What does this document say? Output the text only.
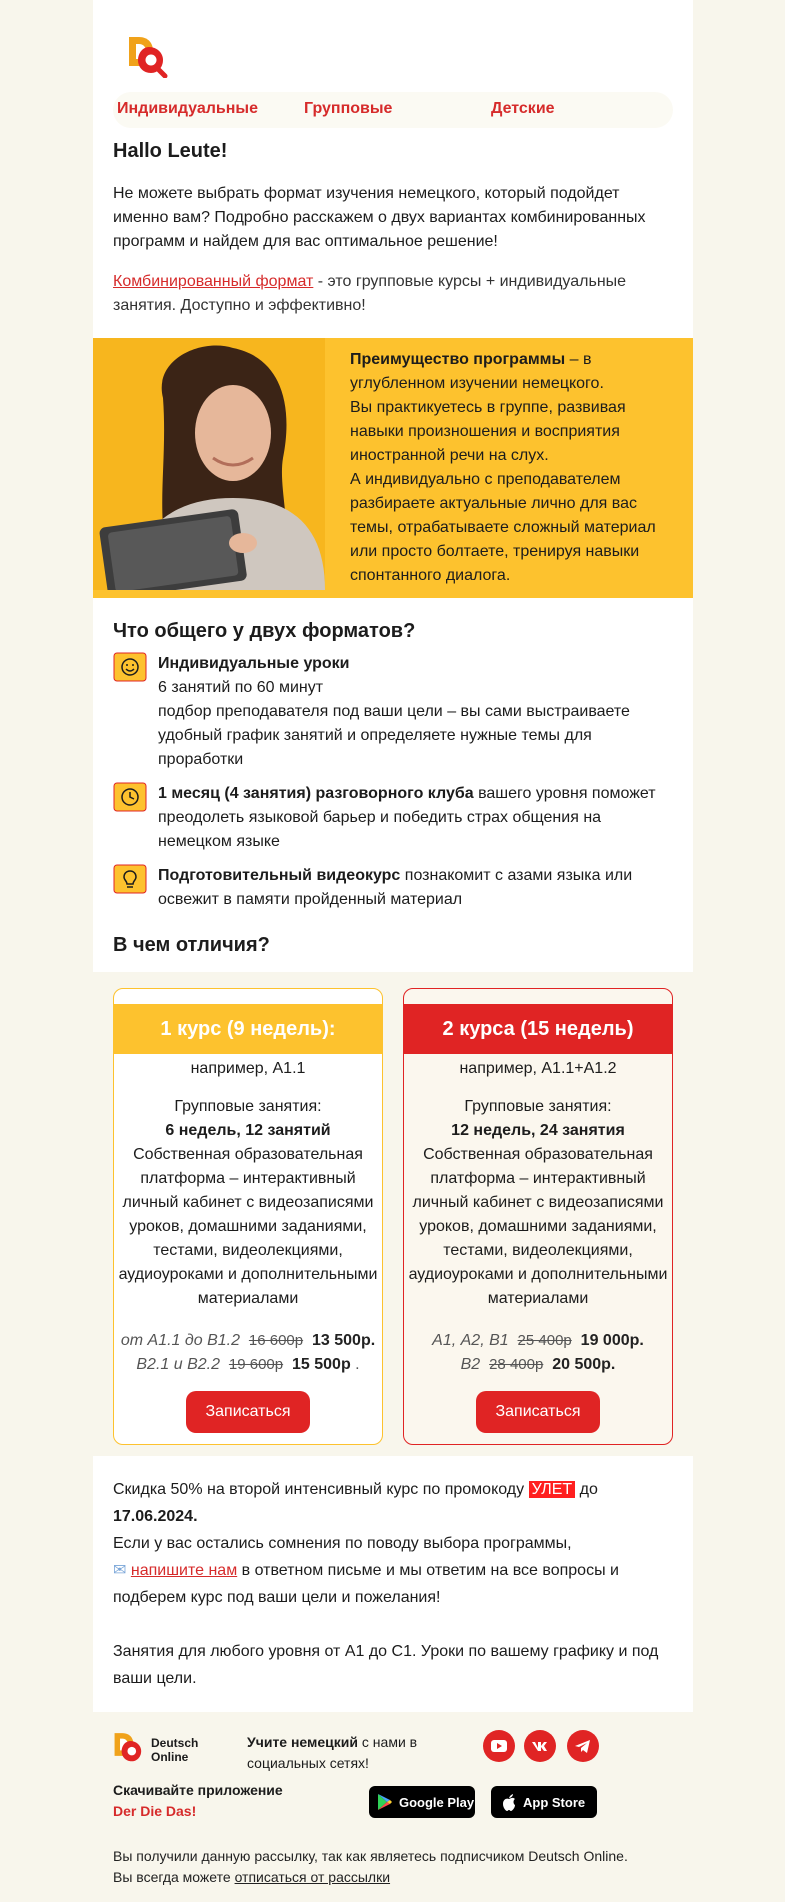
Индивидуальные	Групповые	Детские
Hallo Leute!
Не можете выбрать формат изучения немецкого, который подойдет именно вам? Подробно расскажем о двух вариантах комбинированных программ и найдем для вас оптимальное решение!
Комбинированный формат - это групповые курсы + индивидуальные занятия. Доступно и эффективно!
Преимущество программы – в углубленном изучении немецкого.
Вы практикуетесь в группе, развивая навыки произношения и восприятия иностранной речи на слух.
А индивидуально с преподавателем разбираете актуальные лично для вас темы, отрабатываете сложный материал или просто болтаете, тренируя навыки спонтанного диалога.
Что общего у двух форматов?
Индивидуальные уроки
6 занятий по 60 минут
подбор преподавателя под ваши цели – вы сами выстраиваете удобный график занятий и определяете нужные темы для проработки
1 месяц (4 занятия) разговорного клуба вашего уровня поможет преодолеть языковой барьер и победить страх общения на немецком языке
Подготовительный видеокурс познакомит с азами языка или освежит в памяти пройденный материал
В чем отличия?
1 курс (9 недель):
например, А1.1
Групповые занятия:
6 недель, 12 занятий
Собственная образовательная платформа – интерактивный личный кабинет с видеозаписями уроков, домашними заданиями, тестами, видеолекциями, аудиоуроками и дополнительными материалами
от А1.1 до В1.2 16 600р 13 500р.
В2.1 и В2.2 19 600р 15 500р .
Записаться
2 курса (15 недель)
например, А1.1+А1.2
Групповые занятия:
12 недель, 24 занятия
Собственная образовательная платформа – интерактивный личный кабинет с видеозаписями уроков, домашними заданиями, тестами, видеолекциями, аудиоуроками и дополнительными материалами
А1, А2, В1 25 400р 19 000р.
В2 28 400р 20 500р.
Записаться
Скидка 50% на второй интенсивный курс по промокоду УЛЕТ до
17.06.2024.
Если у вас остались сомнения по поводу выбора программы,
✉ напишите нам в ответном письме и мы ответим на все вопросы и подберем курс под ваши цели и пожелания!
Занятия для любого уровня от А1 до С1. Уроки по вашему графику и под ваши цели.
Deutsch
Online
Учите немецкий с нами в социальных сетях!
Скачивайте приложение
Der Die Das!
Вы получили данную рассылку, так как являетесь подписчиком Deutsch Online.
Вы всегда можете отписаться от рассылки
Google Play	App Store
